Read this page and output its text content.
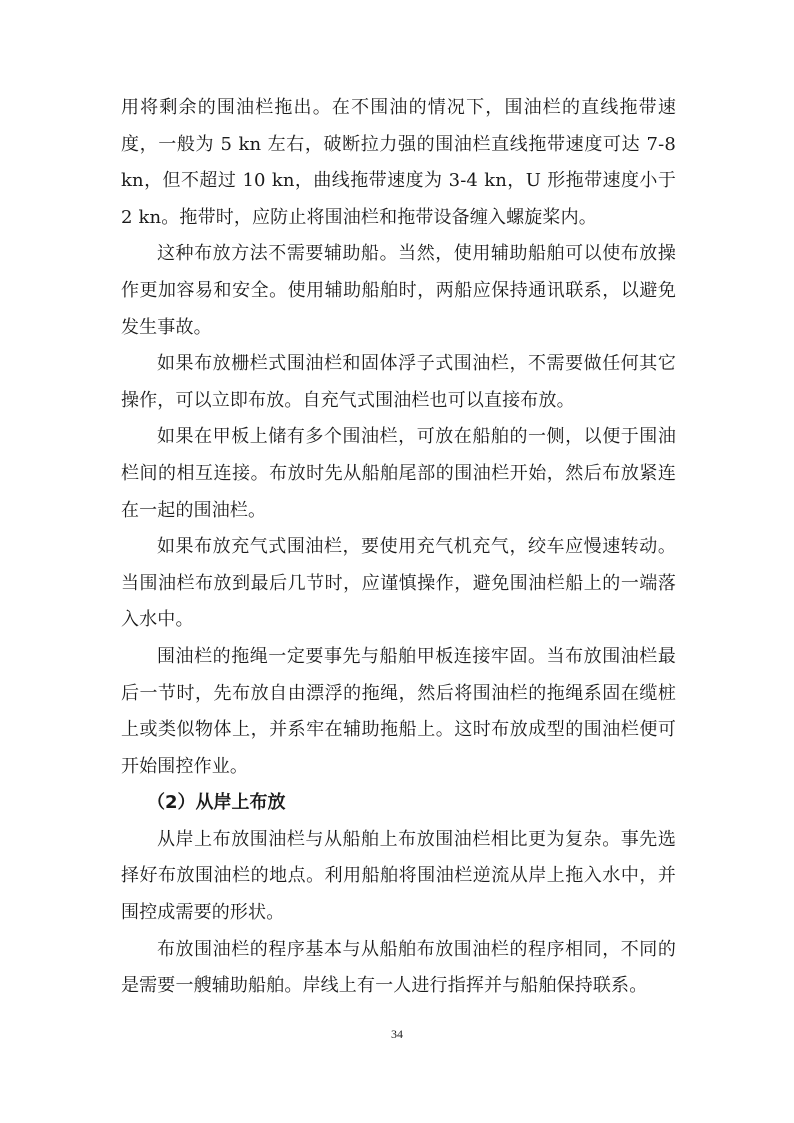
用将剩余的围油栏拖出。在不围油的情况下，围油栏的直线拖带速度，一般为 5 kn 左右，破断拉力强的围油栏直线拖带速度可达 7-8 kn，但不超过 10 kn，曲线拖带速度为 3-4 kn，U 形拖带速度小于 2 kn。拖带时，应防止将围油栏和拖带设备缠入螺旋桨内。

这种布放方法不需要辅助船。当然，使用辅助船舶可以使布放操作更加容易和安全。使用辅助船舶时，两船应保持通讯联系，以避免发生事故。

如果布放栅栏式围油栏和固体浮子式围油栏，不需要做任何其它操作，可以立即布放。自充气式围油栏也可以直接布放。

如果在甲板上储有多个围油栏，可放在船舶的一侧，以便于围油栏间的相互连接。布放时先从船舶尾部的围油栏开始，然后布放紧连在一起的围油栏。

如果布放充气式围油栏，要使用充气机充气，绞车应慢速转动。当围油栏布放到最后几节时，应谨慎操作，避免围油栏船上的一端落入水中。

围油栏的拖绳一定要事先与船舶甲板连接牢固。当布放围油栏最后一节时，先布放自由漂浮的拖绳，然后将围油栏的拖绳系固在缆桩上或类似物体上，并系牢在辅助拖船上。这时布放成型的围油栏便可开始围控作业。

（2）从岸上布放

从岸上布放围油栏与从船舶上布放围油栏相比更为复杂。事先选择好布放围油栏的地点。利用船舶将围油栏逆流从岸上拖入水中，并围控成需要的形状。

布放围油栏的程序基本与从船舶布放围油栏的程序相同，不同的是需要一艘辅助船舶。岸线上有一人进行指挥并与船舶保持联系。

34
